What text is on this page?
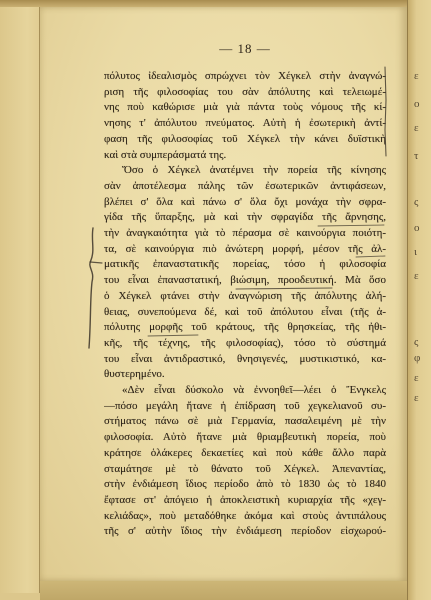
ε
ο
ε
τ
ς
ο
ι
ε
ς
φ
ε
ε
— 18 —
πόλυτος ἰδεαλισμὸς σπρώχνει τὸν Χέγκελ στὴν ἀναγνώ-
ριση τῆς φιλοσοφίας του σὰν ἀπόλυτης καὶ τελειωμέ-
νης ποὺ καθώρισε μιὰ γιὰ πάντα τοὺς νόμους τῆς κί-
νησης τ' ἀπόλυτου πνεύματος. Αὐτὴ ἡ ἐσωτερικὴ ἀντί-
φαση τῆς φιλοσοφίας τοῦ Χέγκελ τὴν κάνει δυϊστικὴ
καὶ στὰ συμπεράσματά της.
Ὅσο ὁ Χέγκελ ἀνατέμνει τὴν πορεία τῆς κίνησης
σὰν ἀποτέλεσμα πάλης τῶν ἐσωτερικῶν ἀντιφάσεων,
βλέπει σ' ὅλα καὶ πάνω σ' ὅλα ὄχι μονάχα τὴν σφρα-
γίδα τῆς ὕπαρξης, μὰ καὶ τὴν σφραγίδα τῆς ἄρνησης,
τὴν ἀναγκαιότητα γιὰ τὸ πέρασμα σὲ καινούργια ποιότη-
τα, σὲ καινούργια πιὸ ἀνώτερη μορφή, μέσον τῆς ἀλ-
ματικῆς ἐπαναστατικῆς πορείας, τόσο ἡ φιλοσοφία
του εἶναι ἐπαναστατική, βιώσιμη, προοδευτική. Μὰ ὅσο
ὁ Χέγκελ φτάνει στὴν ἀναγνώριση τῆς ἀπόλυτης ἀλή-
θειας, συνεπούμενα δέ, καὶ τοῦ ἀπόλυτου εἶναι (τῆς ἀ-
πόλυτης μορφῆς τοῦ κράτους, τῆς θρησκείας, τῆς ἠθι-
κῆς, τῆς τέχνης, τῆς φιλοσοφίας), τόσο τὸ σύστημά
του εἶναι ἀντιδραστικό, θνησιγενές, μυστικιστικό, κα-
θυστερημένο.
«Δὲν εἶναι δύσκολο νὰ ἐννοηθεῖ—λέει ὁ Ἔνγκελς
—πόσο μεγάλη ἤτανε ἡ ἐπίδραση τοῦ χεγκελιανοῦ συ-
στήματος πάνω σὲ μιὰ Γερμανία, πασαλειμένη μὲ τὴν
φιλοσοφία. Αὐτὸ ἤτανε μιὰ θριαμβευτικὴ πορεία, ποὺ
κράτησε ὁλάκερες δεκαετίες καὶ ποὺ κάθε ἄλλο παρὰ
σταμάτησε μὲ τὸ θάνατο τοῦ Χέγκελ. Ἀπεναντίας,
στὴν ἐνδιάμεση ἴδιος περίοδο ἀπὸ τὸ 1830 ὡς τὸ 1840
ἔφτασε στ' ἀπόγειο ἡ ἀποκλειστικὴ κυριαρχία τῆς «χεγ-
κελιάδας», ποὺ μεταδόθηκε ἀκόμα καὶ στοὺς ἀντιπάλους
τῆς σ' αὐτὴν ἴδιος τὴν ἐνδιάμεση περίοδον εἰσχωρού-
